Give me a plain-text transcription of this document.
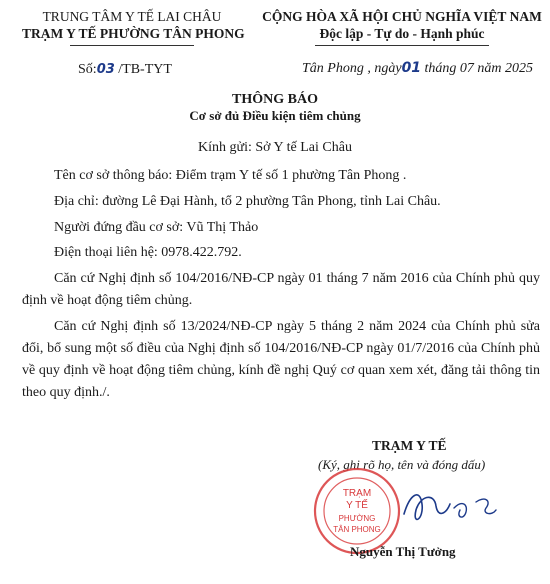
TRUNG TÂM Y TẾ LAI CHÂU
TRẠM Y TẾ PHƯỜNG TÂN PHONG
CỘNG HÒA XÃ HỘI CHỦ NGHĨA VIỆT NAM
Độc lập - Tự do - Hạnh phúc
Số:03 /TB-TYT	Tân Phong , ngày01 tháng 07 năm 2025
THÔNG BÁO
Cơ sở đủ Điều kiện tiêm chủng
Kính gửi: Sở Y tế Lai Châu
Tên cơ sở thông báo: Điểm trạm Y tế số 1 phường Tân Phong .
Địa chỉ: đường Lê Đại Hành, tổ 2 phường Tân Phong, tỉnh Lai Châu.
Người đứng đầu cơ sở: Vũ Thị Thảo
Điện thoại liên hệ: 0978.422.792.
Căn cứ Nghị định số 104/2016/NĐ-CP ngày 01 tháng 7 năm 2016 của Chính phủ quy định về hoạt động tiêm chủng.
Căn cứ Nghị định số 13/2024/NĐ-CP ngày 5 tháng 2 năm 2024 của Chính phủ sửa đổi, bổ sung một số điều của Nghị định số 104/2016/NĐ-CP ngày 01/7/2016 của Chính phủ về quy định về hoạt động tiêm chủng, kính đề nghị Quý cơ quan xem xét, đăng tải thông tin theo quy định./.
TRẠM Y TẾ
(Ký, ghi rõ họ, tên và đóng dấu)
TRẠM
Y TẾ
PHƯỜNG
TÂN PHONG
Nguyễn Thị Tưởng
